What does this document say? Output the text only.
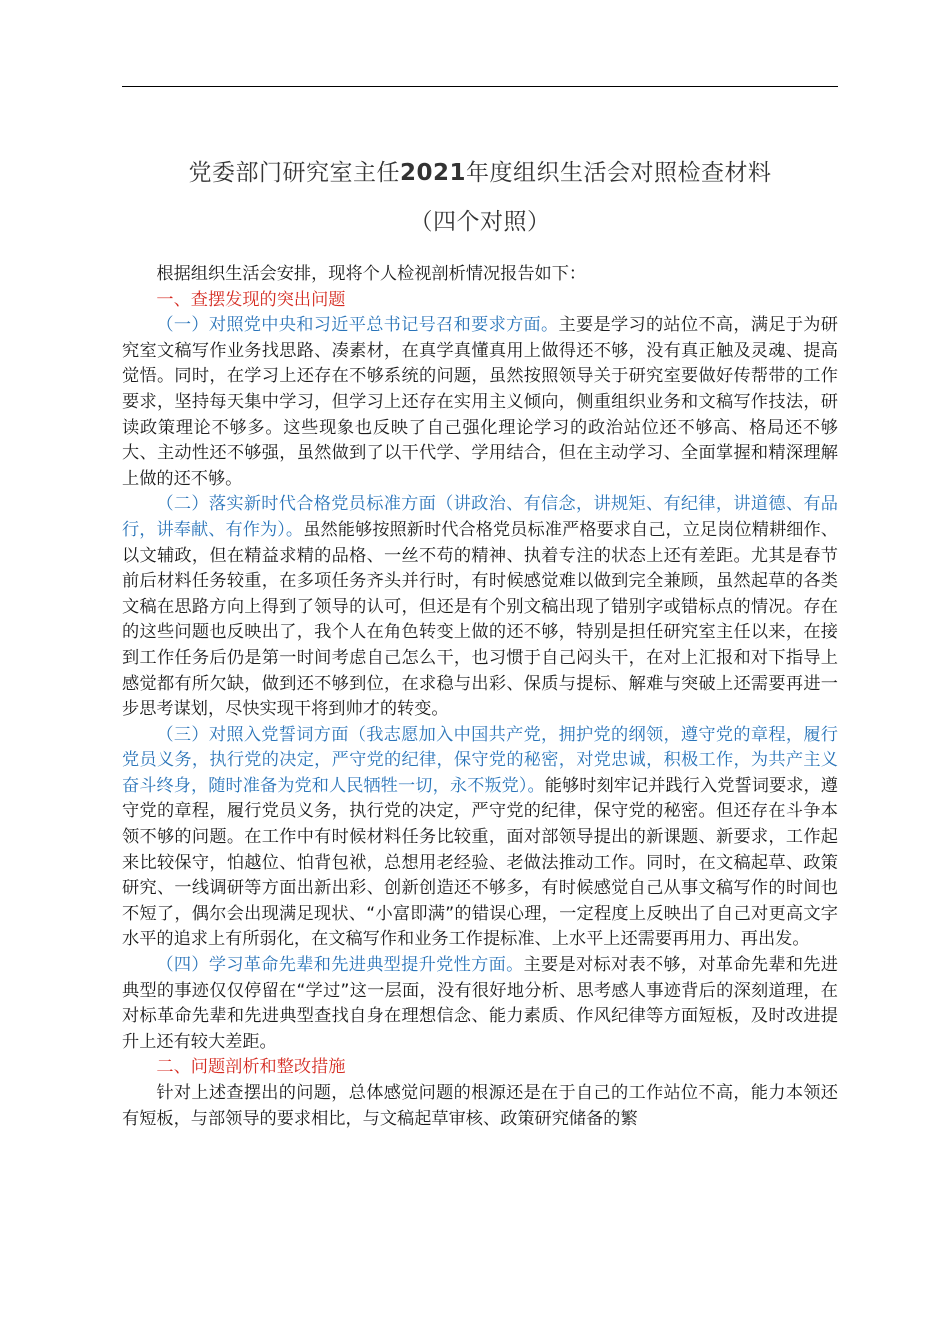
党委部门研究室主任2021年度组织生活会对照检查材料
（四个对照）

根据组织生活会安排，现将个人检视剖析情况报告如下：

一、查摆发现的突出问题

（一）对照党中央和习近平总书记号召和要求方面。主要是学习的站位不高，满足于为研究室文稿写作业务找思路、凑素材，在真学真懂真用上做得还不够，没有真正触及灵魂、提高觉悟。同时，在学习上还存在不够系统的问题，虽然按照领导关于研究室要做好传帮带的工作要求，坚持每天集中学习，但学习上还存在实用主义倾向，侧重组织业务和文稿写作技法，研读政策理论不够多。这些现象也反映了自己强化理论学习的政治站位还不够高、格局还不够大、主动性还不够强，虽然做到了以干代学、学用结合，但在主动学习、全面掌握和精深理解上做的还不够。

（二）落实新时代合格党员标准方面（讲政治、有信念，讲规矩、有纪律，讲道德、有品行，讲奉献、有作为）。虽然能够按照新时代合格党员标准严格要求自己，立足岗位精耕细作、以文辅政，但在精益求精的品格、一丝不苟的精神、执着专注的状态上还有差距。尤其是春节前后材料任务较重，在多项任务齐头并行时，有时候感觉难以做到完全兼顾，虽然起草的各类文稿在思路方向上得到了领导的认可，但还是有个别文稿出现了错别字或错标点的情况。存在的这些问题也反映出了，我个人在角色转变上做的还不够，特别是担任研究室主任以来，在接到工作任务后仍是第一时间考虑自己怎么干，也习惯于自己闷头干，在对上汇报和对下指导上感觉都有所欠缺，做到还不够到位，在求稳与出彩、保质与提标、解难与突破上还需要再进一步思考谋划，尽快实现干将到帅才的转变。

（三）对照入党誓词方面（我志愿加入中国共产党，拥护党的纲领，遵守党的章程，履行党员义务，执行党的决定，严守党的纪律，保守党的秘密，对党忠诚，积极工作，为共产主义奋斗终身，随时准备为党和人民牺牲一切，永不叛党）。能够时刻牢记并践行入党誓词要求，遵守党的章程，履行党员义务，执行党的决定，严守党的纪律，保守党的秘密。但还存在斗争本领不够的问题。在工作中有时候材料任务比较重，面对部领导提出的新课题、新要求，工作起来比较保守，怕越位、怕背包袱，总想用老经验、老做法推动工作。同时，在文稿起草、政策研究、一线调研等方面出新出彩、创新创造还不够多，有时候感觉自己从事文稿写作的时间也不短了，偶尔会出现满足现状、“小富即满”的错误心理，一定程度上反映出了自己对更高文字水平的追求上有所弱化，在文稿写作和业务工作提标准、上水平上还需要再用力、再出发。

（四）学习革命先辈和先进典型提升党性方面。主要是对标对表不够，对革命先辈和先进典型的事迹仅仅停留在“学过”这一层面，没有很好地分析、思考感人事迹背后的深刻道理，在对标革命先辈和先进典型查找自身在理想信念、能力素质、作风纪律等方面短板，及时改进提升上还有较大差距。

二、问题剖析和整改措施

针对上述查摆出的问题，总体感觉问题的根源还是在于自己的工作站位不高，能力本领还有短板，与部领导的要求相比，与文稿起草审核、政策研究储备的繁
